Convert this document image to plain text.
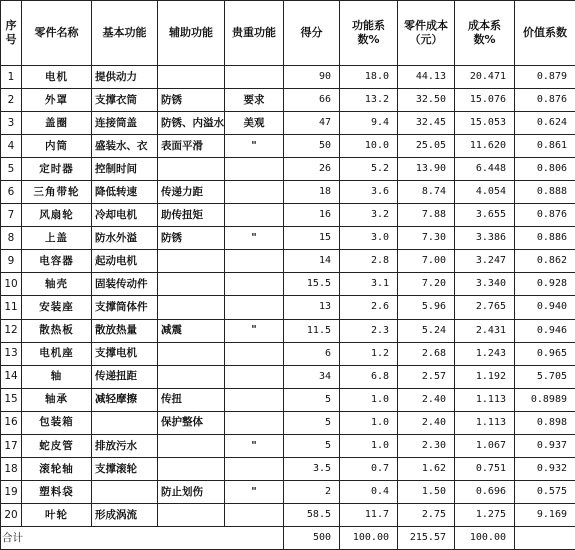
序号	零件名称	基本功能	辅助功能	贵重功能	得分	功能系数%	零件成本（元）	成本系数%	价值系数
1	电机	提供动力			90	18.0	44.13	20.471	0.879
2	外罩	支撑衣筒	防锈	要求	66	13.2	32.50	15.076	0.876
3	盖圈	连接筒盖	防锈、内溢水	美观	47	9.4	32.45	15.053	0.624
4	内筒	盛装水、衣	表面平滑	"	50	10.0	25.05	11.620	0.861
5	定时器	控制时间			26	5.2	13.90	6.448	0.806
6	三角带轮	降低转速	传递力距		18	3.6	8.74	4.054	0.888
7	风扇轮	冷却电机	助传扭矩		16	3.2	7.88	3.655	0.876
8	上盖	防水外溢	防锈	"	15	3.0	7.30	3.386	0.886
9	电容器	起动电机			14	2.8	7.00	3.247	0.862
10	轴壳	固装传动件			15.5	3.1	7.20	3.340	0.928
11	安装座	支撑筒体件			13	2.6	5.96	2.765	0.940
12	散热板	散放热量	减震	"	11.5	2.3	5.24	2.431	0.946
13	电机座	支撑电机			6	1.2	2.68	1.243	0.965
14	轴	传递扭距			34	6.8	2.57	1.192	5.705
15	轴承	减轻摩擦	传扭		5	1.0	2.40	1.113	0.8989
16	包装箱		保护整体		5	1.0	2.40	1.113	0.898
17	蛇皮管	排放污水		"	5	1.0	2.30	1.067	0.937
18	滚轮轴	支撑滚轮			3.5	0.7	1.62	0.751	0.932
19	塑料袋		防止划伤	"	2	0.4	1.50	0.696	0.575
20	叶轮	形成涡流			58.5	11.7	2.75	1.275	9.169
合计					500	100.00	215.57	100.00	
